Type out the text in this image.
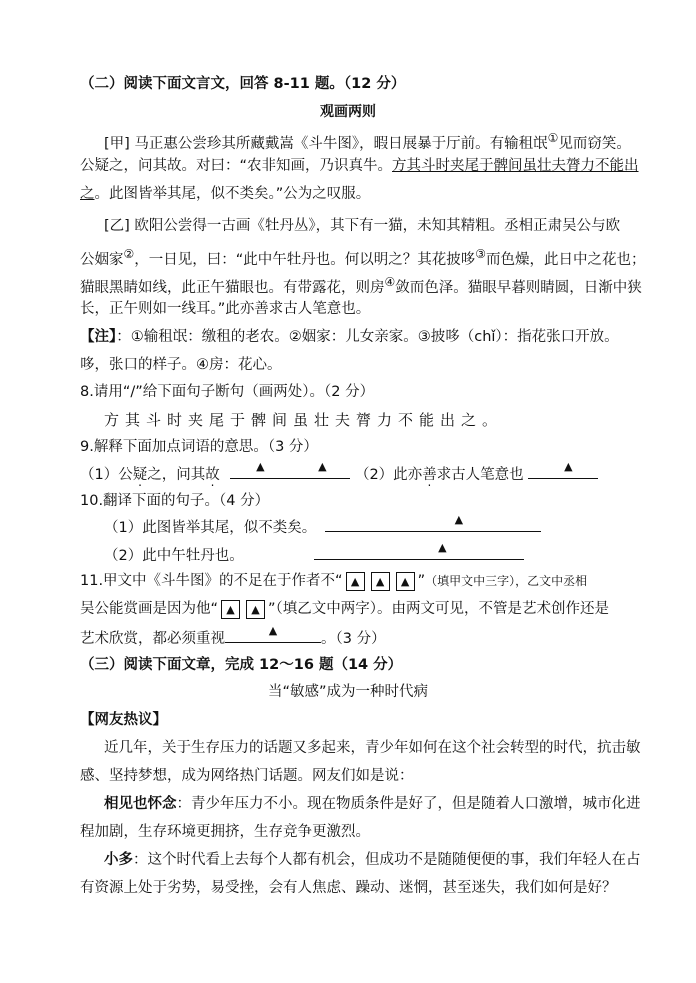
（二）阅读下面文言文，回答 8-11 题。（12 分）
观画两则
[甲] 马正惠公尝珍其所藏戴嵩《斗牛图》，暇日展暴于厅前。有输租氓①见而窃笑。
公疑之，问其故。对曰：“农非知画，乃识真牛。方其斗时夹尾于髀间虽壮夫膂力不能出
之。此图皆举其尾，似不类矣。”公为之叹服。
[乙] 欧阳公尝得一古画《牡丹丛》，其下有一猫，未知其精粗。丞相正肃吴公与欧
公姻家②，一日见，曰：“此中午牡丹也。何以明之？其花披哆③而色燥，此日中之花也；
猫眼黑睛如线，此正午猫眼也。有带露花，则房④敛而色泽。猫眼早暮则睛圆，日渐中狭
长，正午则如一线耳。”此亦善求古人笔意也。
【注】：①输租氓：缴租的老农。②姻家：儿女亲家。③披哆（chǐ）：指花张口开放。
哆，张口的样子。④房：花心。
8.请用“/”给下面句子断句（画两处）。（2 分）
方其斗时夹尾于髀间虽壮夫膂力不能出之。
9.解释下面加点词语的意思。（3 分）
（1）公疑之，问其故
▲	▲
（2）此亦善求古人笔意也
▲
10.翻译下面的句子。（4 分）
（1）此图皆举其尾，似不类矣。
▲
（2）此中午牡丹也。
▲
11.甲文中《斗牛图》的不足在于作者不“ ▲ ▲ ▲ ”（填甲文中三字），乙文中丞相
吴公能赏画是因为他“ ▲ ▲ ”（填乙文中两字）。由两文可见，不管是艺术创作还是
艺术欣赏，都必须重视
▲
。（3 分）
（三）阅读下面文章，完成 12～16 题（14 分）
当“敏感”成为一种时代病
【网友热议】
近几年，关于生存压力的话题又多起来，青少年如何在这个社会转型的时代，抗击敏
感、坚持梦想，成为网络热门话题。网友们如是说：
相见也怀念：青少年压力不小。现在物质条件是好了，但是随着人口激增，城市化进
程加剧，生存环境更拥挤，生存竞争更激烈。
小多：这个时代看上去每个人都有机会，但成功不是随随便便的事，我们年轻人在占
有资源上处于劣势，易受挫，会有人焦虑、躁动、迷惘，甚至迷失，我们如何是好？
